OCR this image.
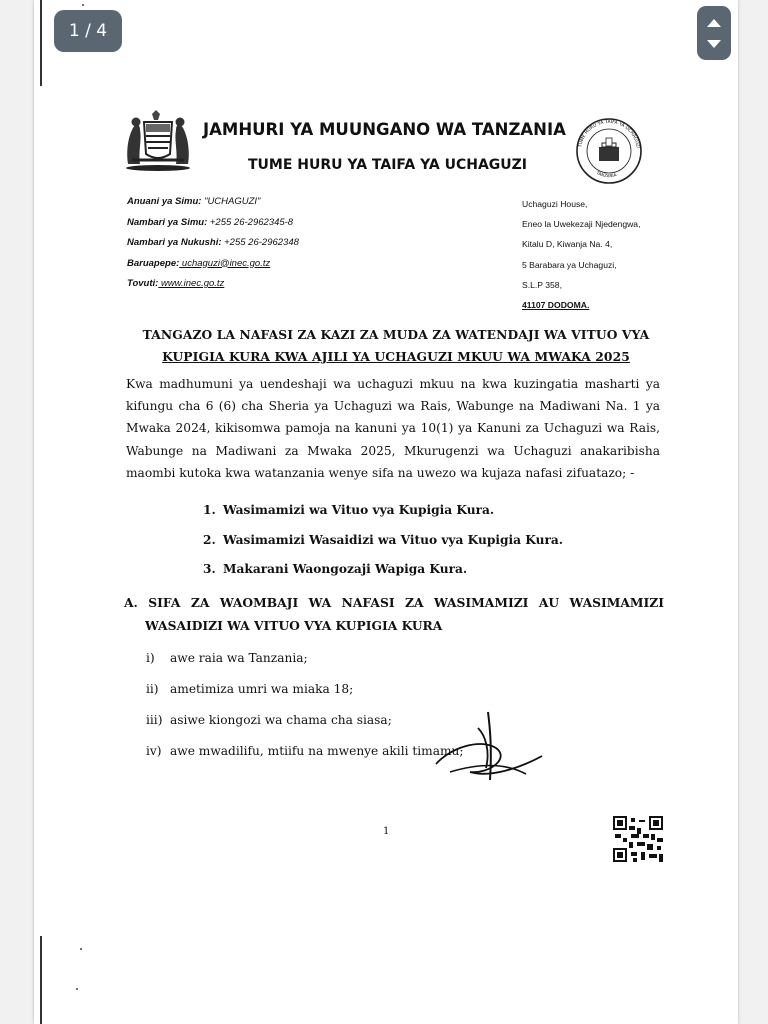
1 / 4
JAMHURI YA MUUNGANO WA TANZANIA
TUME HURU YA TAIFA YA UCHAGUZI
TUME HURU YA TAIFA YA UCHAGUZI
TANZANIA
Anuani ya Simu: "UCHAGUZI"
Nambari ya Simu: +255 26-2962345-8
Nambari ya Nukushi: +255 26-2962348
Baruapepe: uchaguzi@inec.go.tz
Tovuti: www.inec.go.tz
Uchaguzi House,
Eneo la Uwekezaji Njedengwa,
Kitalu D, Kiwanja Na. 4,
5 Barabara ya Uchaguzi,
S.L.P 358,
41107 DODOMA.
TANGAZO LA NAFASI ZA KAZI ZA MUDA ZA WATENDAJI WA VITUO VYA
KUPIGIA KURA KWA AJILI YA UCHAGUZI MKUU WA MWAKA 2025
Kwa madhumuni ya uendeshaji wa uchaguzi mkuu na kwa kuzingatia masharti ya
kifungu cha 6 (6) cha Sheria ya Uchaguzi wa Rais, Wabunge na Madiwani Na. 1 ya
Mwaka 2024, kikisomwa pamoja na kanuni ya 10(1) ya Kanuni za Uchaguzi wa Rais,
Wabunge na Madiwani za Mwaka 2025, Mkurugenzi wa Uchaguzi anakaribisha
maombi kutoka kwa watanzania wenye sifa na uwezo wa kujaza nafasi zifuatazo; -
1. Wasimamizi wa Vituo vya Kupigia Kura.
2. Wasimamizi Wasaidizi wa Vituo vya Kupigia Kura.
3. Makarani Waongozaji Wapiga Kura.
A. SIFA ZA WAOMBAJI WA NAFASI ZA WASIMAMIZI AU WASIMAMIZI
WASAIDIZI WA VITUO VYA KUPIGIA KURA
i) awe raia wa Tanzania;
ii) ametimiza umri wa miaka 18;
iii) asiwe kiongozi wa chama cha siasa;
iv) awe mwadilifu, mtiifu na mwenye akili timamu;
1
